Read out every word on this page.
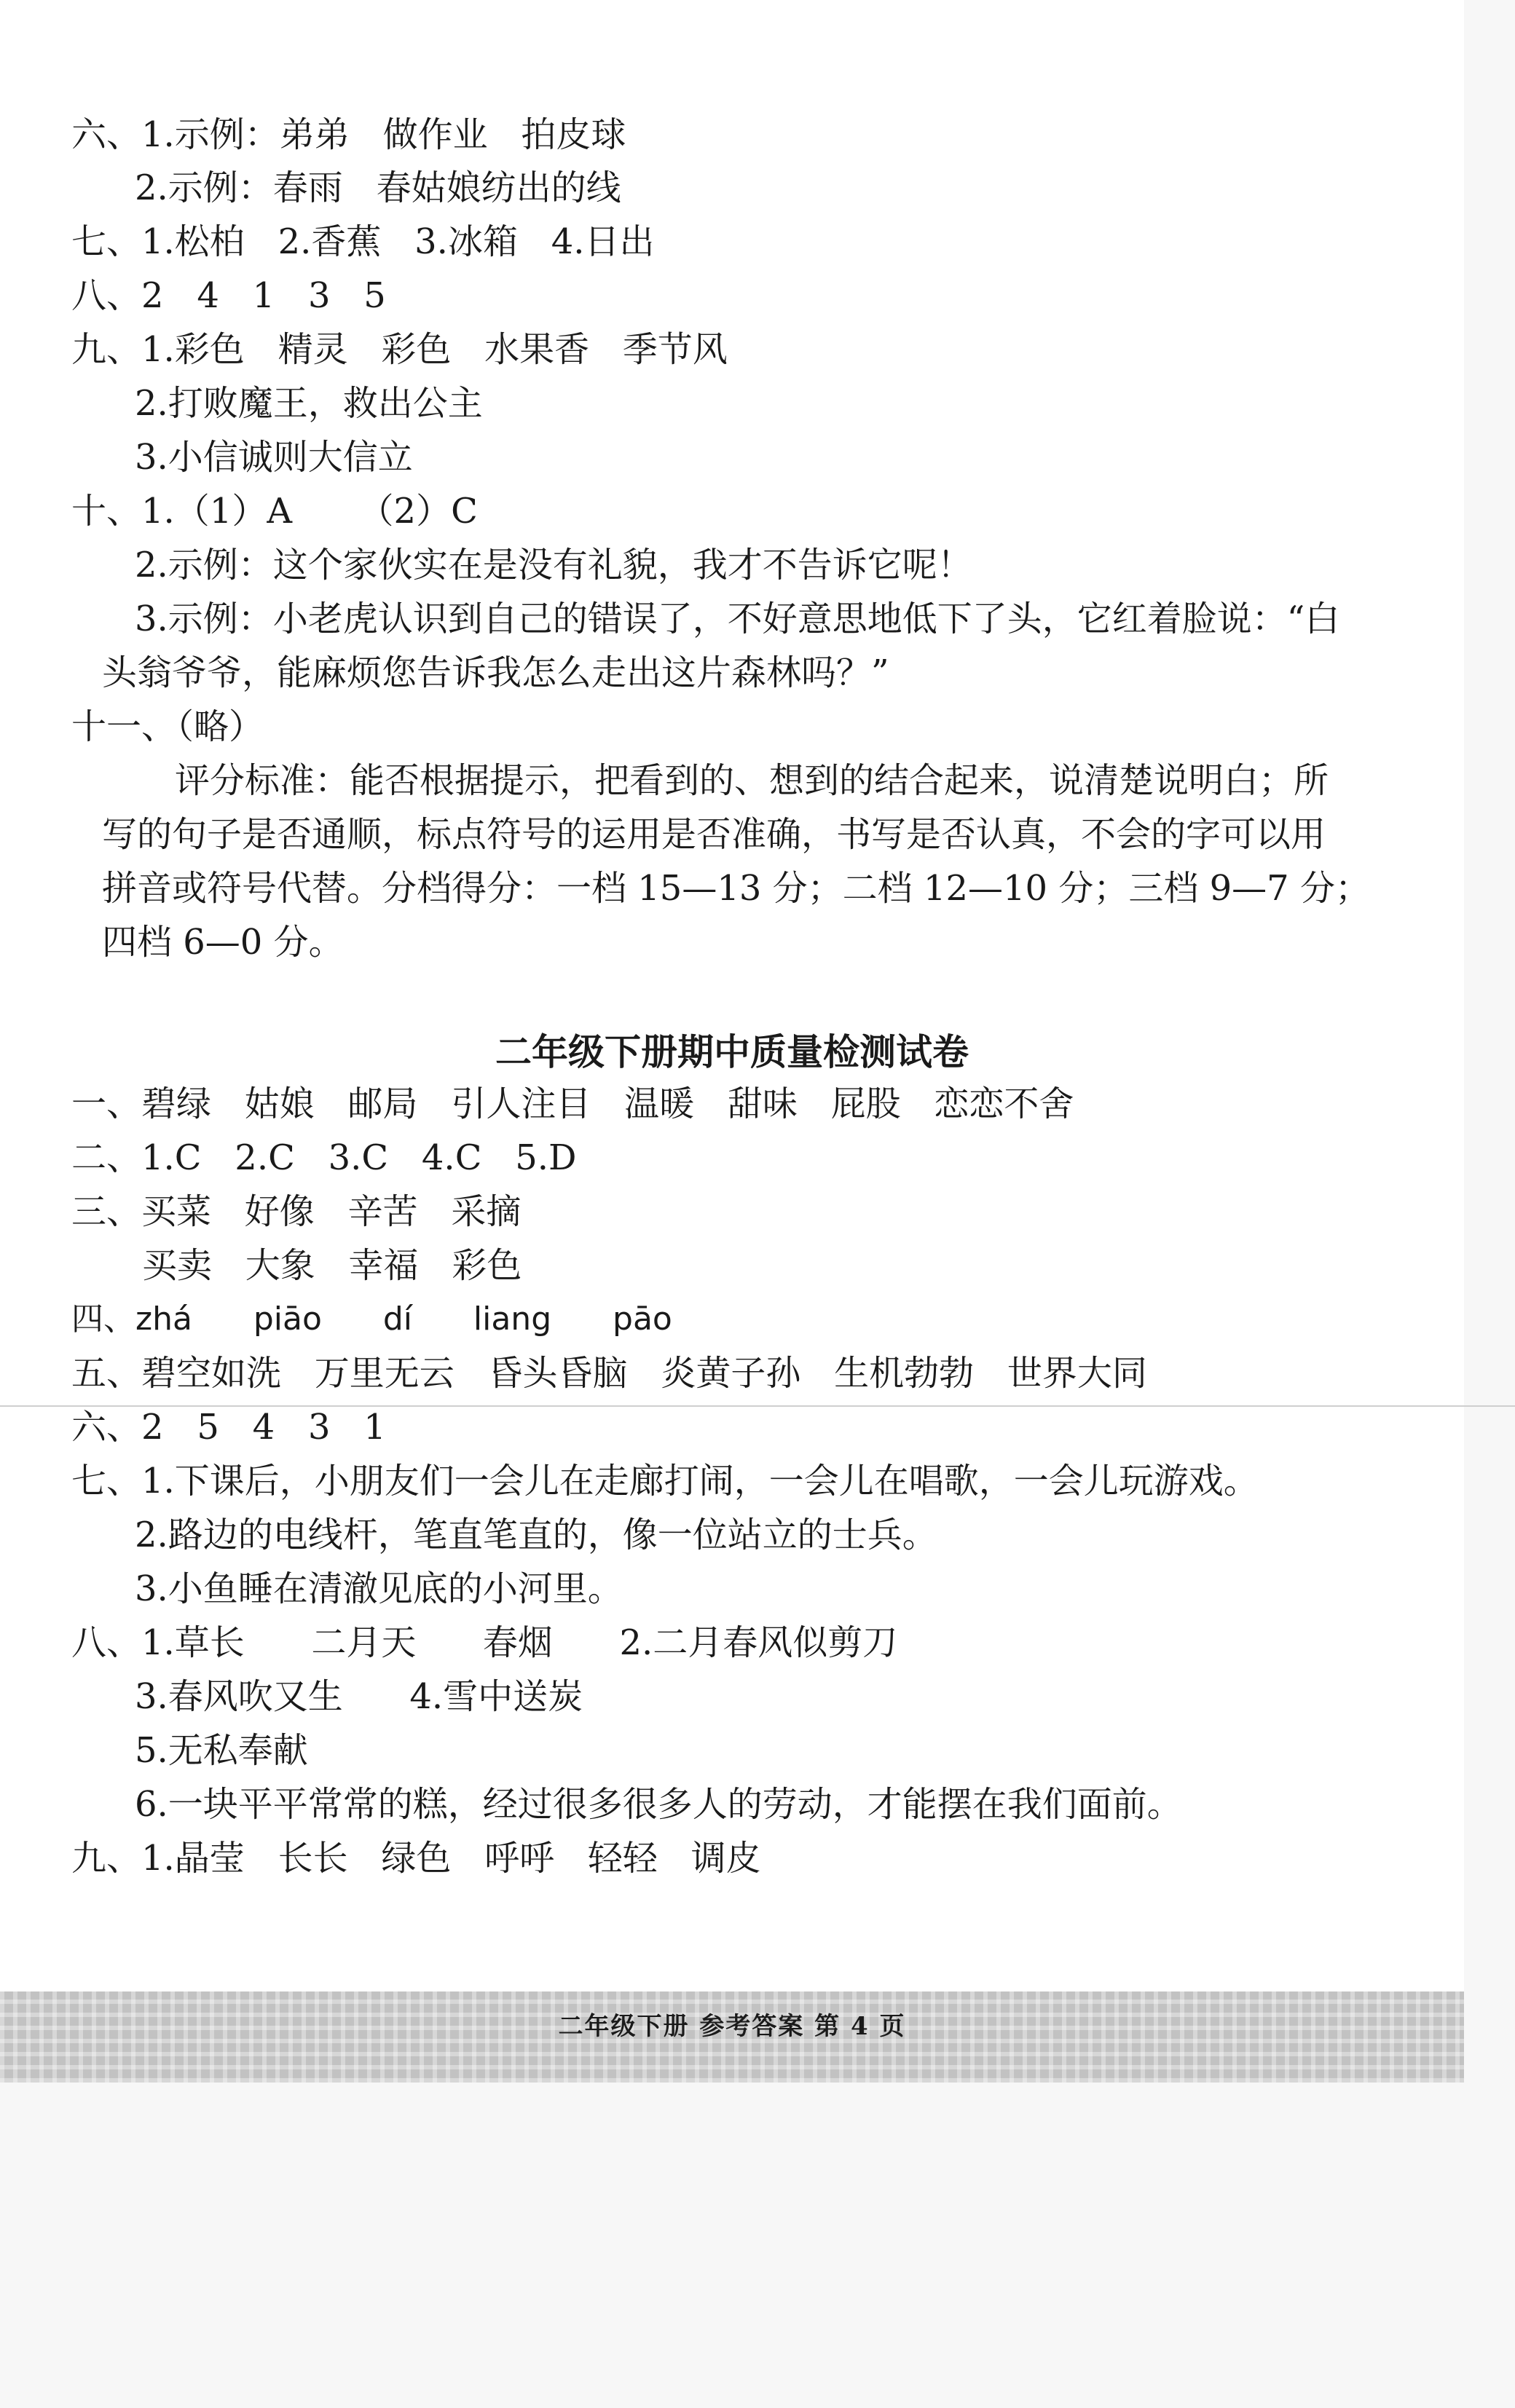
六、1.示例：弟弟   做作业   拍皮球
2.示例：春雨   春姑娘纺出的线
七、1.松柏   2.香蕉   3.冰箱   4.日出
八、2   4   1   3   5
九、1.彩色   精灵   彩色   水果香   季节风
2.打败魔王，救出公主
3.小信诚则大信立
十、1.（1）A      （2）C
2.示例：这个家伙实在是没有礼貌，我才不告诉它呢！
3.示例：小老虎认识到自己的错误了，不好意思地低下了头，它红着脸说：“白
头翁爷爷，能麻烦您告诉我怎么走出这片森林吗？”
十一、（略）
评分标准：能否根据提示，把看到的、想到的结合起来，说清楚说明白；所
写的句子是否通顺，标点符号的运用是否准确，书写是否认真，不会的字可以用
拼音或符号代替。分档得分：一档 15—13 分；二档 12—10 分；三档 9—7 分；
四档 6—0 分。
二年级下册期中质量检测试卷
一、碧绿   姑娘   邮局   引人注目   温暖   甜味   屁股   恋恋不舍
二、1.C   2.C   3.C   4.C   5.D
三、买菜   好像   辛苦   采摘
买卖   大象   幸福   彩色
四、zhá      piāo      dí      liang      pāo
五、碧空如洗   万里无云   昏头昏脑   炎黄子孙   生机勃勃   世界大同
六、2   5   4   3   1
七、1.下课后，小朋友们一会儿在走廊打闹，一会儿在唱歌，一会儿玩游戏。
2.路边的电线杆，笔直笔直的，像一位站立的士兵。
3.小鱼睡在清澈见底的小河里。
八、1.草长      二月天      春烟      2.二月春风似剪刀
3.春风吹又生      4.雪中送炭
5.无私奉献
6.一块平平常常的糕，经过很多很多人的劳动，才能摆在我们面前。
九、1.晶莹   长长   绿色   呼呼   轻轻   调皮
二年级下册 参考答案 第 4 页
